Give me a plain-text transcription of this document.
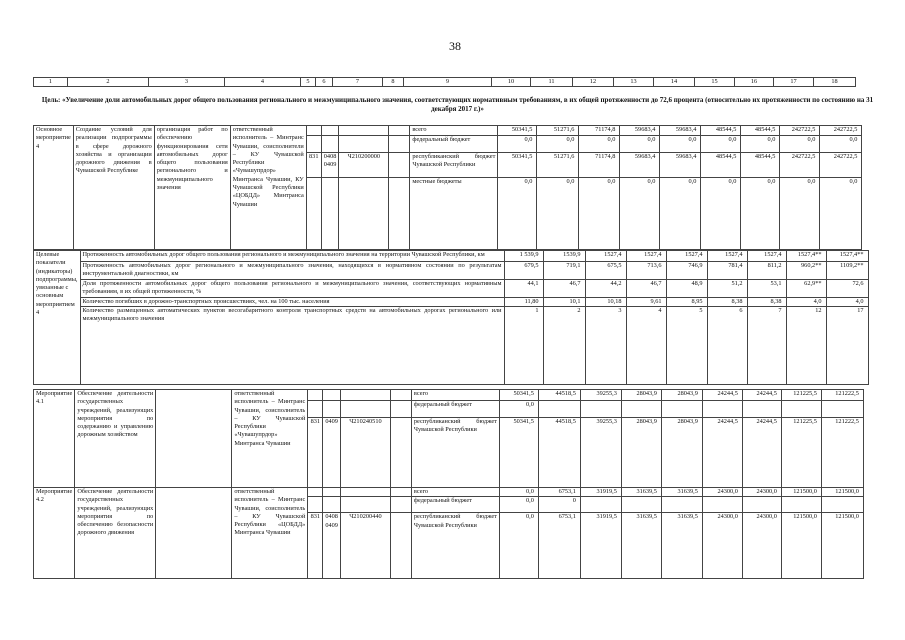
38
1	2	3	4	5	6	7	8	9	10	11	12	13	14	15	16	17	18
Цель: «Увеличение доли автомобильных дорог общего пользования регионального и межмуниципального значения, соответствующих нормативным требованиям, в их общей протяженности до 72,6 процента (относительно их протяженности по состоянию на 31 декабря 2017 г.)»
Основное мероприятие 4	Создание условий для реализации подпрограммы в сфере дорожного хозяйства и организации дорожного движения в Чувашской Республике	организация работ по обеспечению функционирования сети автомобильных дорог общего пользования регионального и межмуниципального значения	ответственный исполнитель – Минтранс Чувашии, соисполнители – КУ Чувашской Республики «Чувашупрдор» Минтранса Чувашии, КУ Чувашской Республики «ЦОБДД» Минтранса Чувашии					всего	50341,5	51271,6	71174,8	59683,4	59683,4	48544,5	48544,5	242722,5	242722,5
								федеральный бюджет	0,0	0,0	0,0	0,0	0,0	0,0	0,0	0,0	0,0
				831	0408 0409	Ч210200000		республиканский бюджет Чувашской Республики	50341,5	51271,6	71174,8	59683,4	59683,4	48544,5	48544,5	242722,5	242722,5
								местные бюджеты	0,0	0,0	0,0	0,0	0,0	0,0	0,0	0,0	0,0
Целевые показатели (индикаторы) подпрограммы, увязанные с основным мероприятием 4	Протяженность автомобильных дорог общего пользования регионального и межмуниципального значения на территории Чувашской Республики, км	1 539,9	1539,9	1527,4	1527,4	1527,4	1527,4	1527,4	1527,4**	1527,4**
	Протяженность автомобильных дорог регионального и межмуниципального значения, находящихся в нормативном состоянии по результатам инструментальной диагностики, км	679,5	719,1	675,5	713,6	746,9	781,4	811,2	960,2**	1109,2**
	Доля протяженности автомобильных дорог общего пользования регионального и межмуниципального значения, соответствующих нормативным требованиям, в их общей протяженности, %	44,1	46,7	44,2	46,7	48,9	51,2	53,1	62,9**	72,6
	Количество погибших в дорожно-транспортных происшествиях, чел. на 100 тыс. населения	11,80	10,1	10,18	9,61	8,95	8,38	8,38	4,0	4,0
	Количество размещенных автоматических пунктов весогабаритного контроля транспортных средств на автомобильных дорогах регионального или межмуниципального значения	1	2	3	4	5	6	7	12	17
Мероприятие 4.1	Обеспечение деятельности государственных учреждений, реализующих мероприятия по содержанию и управлению дорожным хозяйством		ответственный исполнитель – Минтранс Чувашии, соисполнитель – КУ Чувашской Республики «Чувашупрдор» Минтранса Чувашии					всего	50341,5	44518,5	39255,3	28043,9	28043,9	24244,5	24244,5	121225,5	121222,5
								федеральный бюджет	0,0								
				831	0409	Ч210240510		республиканский бюджет Чувашской Республики	50341,5	44518,5	39255,3	28043,9	28043,9	24244,5	24244,5	121225,5	121222,5
Мероприятие 4.2	Обеспечение деятельности государственных учреждений, реализующих мероприятия по обеспечению безопасности дорожного движения		ответственный исполнитель – Минтранс Чувашии, соисполнитель – КУ Чувашской Республики «ЦОБДД» Минтранса Чувашии					всего	0,0	6753,1	31919,5	31639,5	31639,5	24300,0	24300,0	121500,0	121500,0
								федеральный бюджет	0,0	0							
				831	0408 0409	Ч210200440		республиканский бюджет Чувашской Республики	0,0	6753,1	31919,5	31639,5	31639,5	24300,0	24300,0	121500,0	121500,0
